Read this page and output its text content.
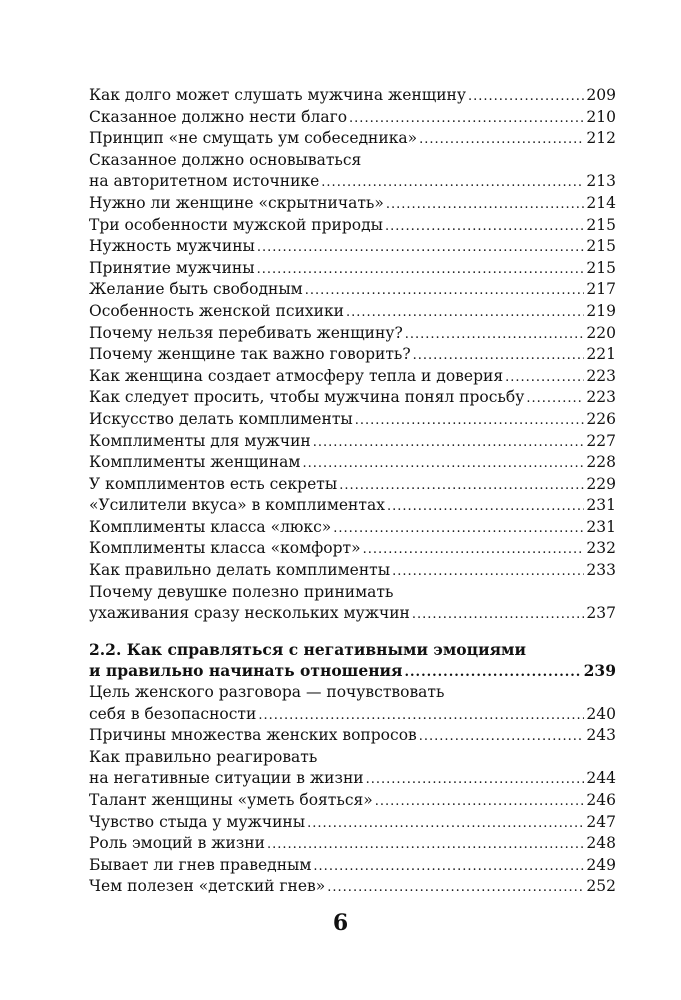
Как долго может слушать мужчина женщину .....	209
Сказанное должно нести благо .....	210
Принцип «не смущать ум собеседника» .....	212
Сказанное должно основываться
на авторитетном источнике .....	213
Нужно ли женщине «скрытничать» .....	214
Три особенности мужской природы .....	215
Нужность мужчины .....	215
Принятие мужчины .....	215
Желание быть свободным .....	217
Особенность женской психики .....	219
Почему нельзя перебивать женщину? .....	220
Почему женщине так важно говорить? .....	221
Как женщина создает атмосферу тепла и доверия .....	223
Как следует просить, чтобы мужчина понял просьбу .....	223
Искусство делать комплименты .....	226
Комплименты для мужчин .....	227
Комплименты женщинам .....	228
У комплиментов есть секреты .....	229
«Усилители вкуса» в комплиментах .....	231
Комплименты класса «люкс» .....	231
Комплименты класса «комфорт» .....	232
Как правильно делать комплименты .....	233
Почему девушке полезно принимать
ухаживания сразу нескольких мужчин .....	237
2.2. Как справляться с негативными эмоциями
и правильно начинать отношения .....	239
Цель женского разговора — почувствовать
себя в безопасности .....	240
Причины множества женских вопросов .....	243
Как правильно реагировать
на негативные ситуации в жизни .....	244
Талант женщины «уметь бояться» .....	246
Чувство стыда у мужчины .....	247
Роль эмоций в жизни .....	248
Бывает ли гнев праведным .....	249
Чем полезен «детский гнев» .....	252
6
